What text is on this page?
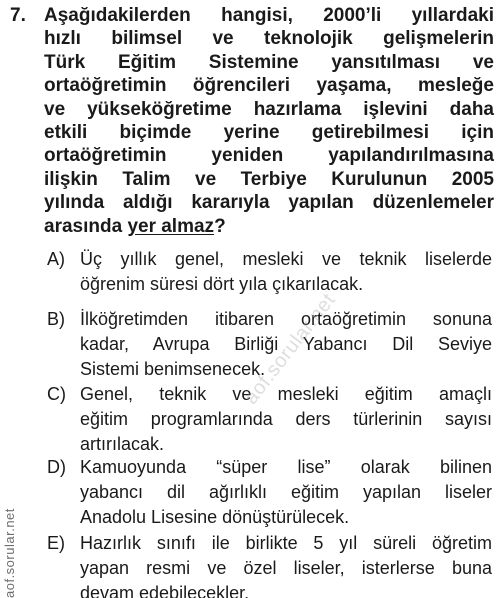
7. Aşağıdakilerden hangisi, 2000’li yıllardaki
hızlı bilimsel ve teknolojik gelişmelerin
Türk Eğitim Sistemine yansıtılması ve
ortaöğretimin öğrencileri yaşama, mesleğe
ve yükseköğretime hazırlama işlevini daha
etkili biçimde yerine getirebilmesi için
ortaöğretimin yeniden yapılandırılmasına
ilişkin Talim ve Terbiye Kurulunun 2005
yılında aldığı kararıyla yapılan düzenlemeler
arasında yer almaz?
A) Üç yıllık genel, mesleki ve teknik liselerde
öğrenim süresi dört yıla çıkarılacak.
B) İlköğretimden itibaren ortaöğretimin sonuna
kadar, Avrupa Birliği Yabancı Dil Seviye
Sistemi benimsenecek.
C) Genel, teknik ve mesleki eğitim amaçlı
eğitim programlarında ders türlerinin sayısı
artırılacak.
D) Kamuoyunda “süper lise” olarak bilinen
yabancı dil ağırlıklı eğitim yapılan liseler
Anadolu Lisesine dönüştürülecek.
E) Hazırlık sınıfı ile birlikte 5 yıl süreli öğretim
yapan resmi ve özel liseler, isterlerse buna
devam edebilecekler.
aof.sorular.net
aof.sorular.net
